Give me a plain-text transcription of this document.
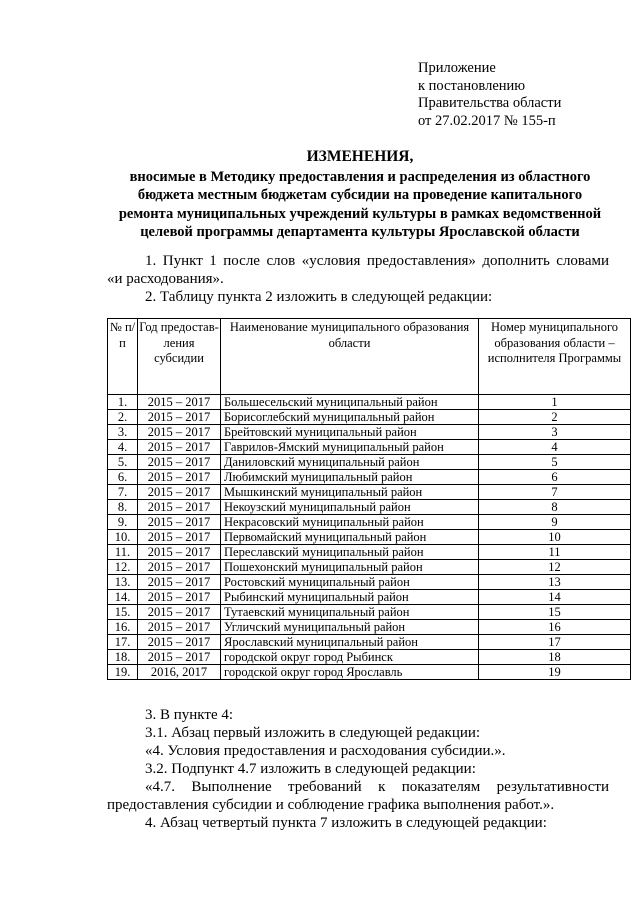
Приложение
к постановлению
Правительства области
от 27.02.2017 № 155-п
ИЗМЕНЕНИЯ,
вносимые в Методику предоставления и распределения из областного
бюджета местным бюджетам субсидии на проведение капитального
ремонта муниципальных учреждений культуры в рамках ведомственной
целевой программы департамента культуры Ярославской области
1. Пункт 1 после слов «условия предоставления» дополнить словами
«и расходования».
2. Таблицу пункта 2 изложить в следующей редакции:
№ п/п	Год предостав-ления субсидии	Наименование муниципального образования области	Номер муниципального образования области – исполнителя Программы
1.	2015 – 2017	Большесельский муниципальный район	1
2.	2015 – 2017	Борисоглебский муниципальный район	2
3.	2015 – 2017	Брейтовский муниципальный район	3
4.	2015 – 2017	Гаврилов-Ямский муниципальный район	4
5.	2015 – 2017	Даниловский муниципальный район	5
6.	2015 – 2017	Любимский муниципальный район	6
7.	2015 – 2017	Мышкинский муниципальный район	7
8.	2015 – 2017	Некоузский муниципальный район	8
9.	2015 – 2017	Некрасовский муниципальный район	9
10.	2015 – 2017	Первомайский муниципальный район	10
11.	2015 – 2017	Переславский муниципальный район	11
12.	2015 – 2017	Пошехонский муниципальный район	12
13.	2015 – 2017	Ростовский муниципальный район	13
14.	2015 – 2017	Рыбинский муниципальный район	14
15.	2015 – 2017	Тутаевский муниципальный район	15
16.	2015 – 2017	Угличский муниципальный район	16
17.	2015 – 2017	Ярославский муниципальный район	17
18.	2015 – 2017	городской округ город Рыбинск	18
19.	2016, 2017	городской округ город Ярославль	19
3. В пункте 4:
3.1. Абзац первый изложить в следующей редакции:
«4. Условия предоставления и расходования субсидии.».
3.2. Подпункт 4.7 изложить в следующей редакции:
«4.7. Выполнение требований к показателям результативности
предоставления субсидии и соблюдение графика выполнения работ.».
4. Абзац четвертый пункта 7 изложить в следующей редакции:
